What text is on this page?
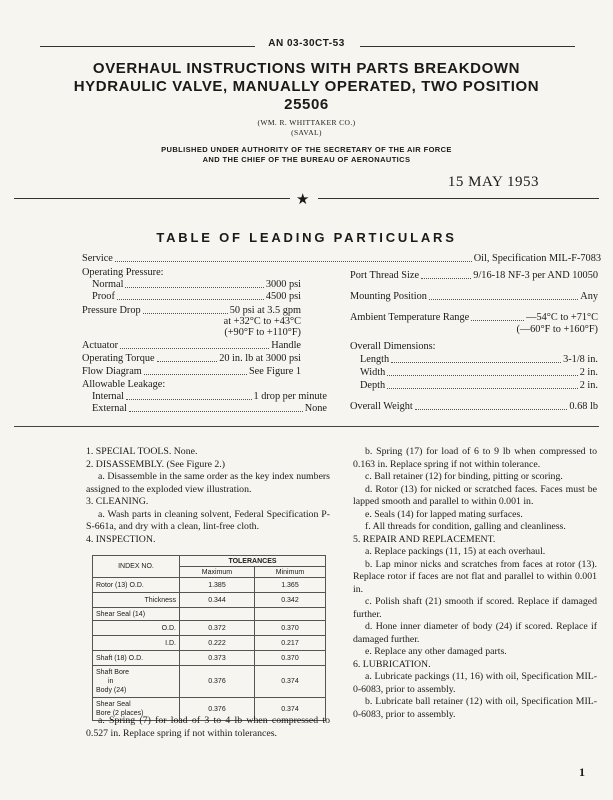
AN 03-30CT-53
OVERHAUL INSTRUCTIONS WITH PARTS BREAKDOWN
HYDRAULIC VALVE, MANUALLY OPERATED, TWO POSITION
25506
(WM. R. WHITTAKER CO.)
(SAVAL)
PUBLISHED UNDER AUTHORITY OF THE SECRETARY OF THE AIR FORCE
AND THE CHIEF OF THE BUREAU OF AERONAUTICS
15 MAY 1953
★
TABLE OF LEADING PARTICULARS
Service	Oil, Specification MIL-F-7083
Operating Pressure:
Normal	3000 psi
Proof	4500 psi
Pressure Drop	50 psi at 3.5 gpm
at +32°C to +43°C
(+90°F to +110°F)
Actuator	Handle
Operating Torque	20 in. lb at 3000 psi
Flow Diagram	See Figure 1
Allowable Leakage:
Internal	1 drop per minute
External	None
Port Thread Size	9/16-18 NF-3 per AND 10050
Mounting Position	Any
Ambient Temperature Range	—54°C to +71°C
(—60°F to +160°F)
Overall Dimensions:
Length	3-1/8 in.
Width	2 in.
Depth	2 in.
Overall Weight	0.68 lb

1. SPECIAL TOOLS. None.

2. DISASSEMBLY. (See Figure 2.)

a. Disassemble in the same order as the key index numbers assigned to the exploded view illustration.

3. CLEANING.

a. Wash parts in cleaning solvent, Federal Specification P-S-661a, and dry with a clean, lint-free cloth.

4. INSPECTION.

INDEX NO.	TOLERANCES	
	Maximum	Minimum
Rotor (13) O.D.	1.385	1.365
Thickness	0.344	0.342
Shear Seal (14)		
O.D.	0.372	0.370
I.D.	0.222	0.217
Shaft (18) O.D.	0.373	0.370

Shaft Bore
in
Body (24)	0.376	0.374

Shear Seal
Bore (2 places)	0.376	0.374

a. Spring (7) for load of 3 to 4 lb when compressed to 0.527 in. Replace spring if not within tolerances.

b. Spring (17) for load of 6 to 9 lb when compressed to 0.163 in. Replace spring if not within tolerance.

c. Ball retainer (12) for binding, pitting or scoring.

d. Rotor (13) for nicked or scratched faces. Faces must be lapped smooth and parallel to within 0.001 in.

e. Seals (14) for lapped mating surfaces.

f. All threads for condition, galling and cleanliness.

5. REPAIR AND REPLACEMENT.

a. Replace packings (11, 15) at each overhaul.

b. Lap minor nicks and scratches from faces at rotor (13). Replace rotor if faces are not flat and parallel to within 0.001 in.

c. Polish shaft (21) smooth if scored. Replace if damaged further.

d. Hone inner diameter of body (24) if scored. Replace if damaged further.

e. Replace any other damaged parts.

6. LUBRICATION.

a. Lubricate packings (11, 16) with oil, Specification MIL-0-6083, prior to assembly.

b. Lubricate ball retainer (12) with oil, Specification MIL-0-6083, prior to assembly.

1
